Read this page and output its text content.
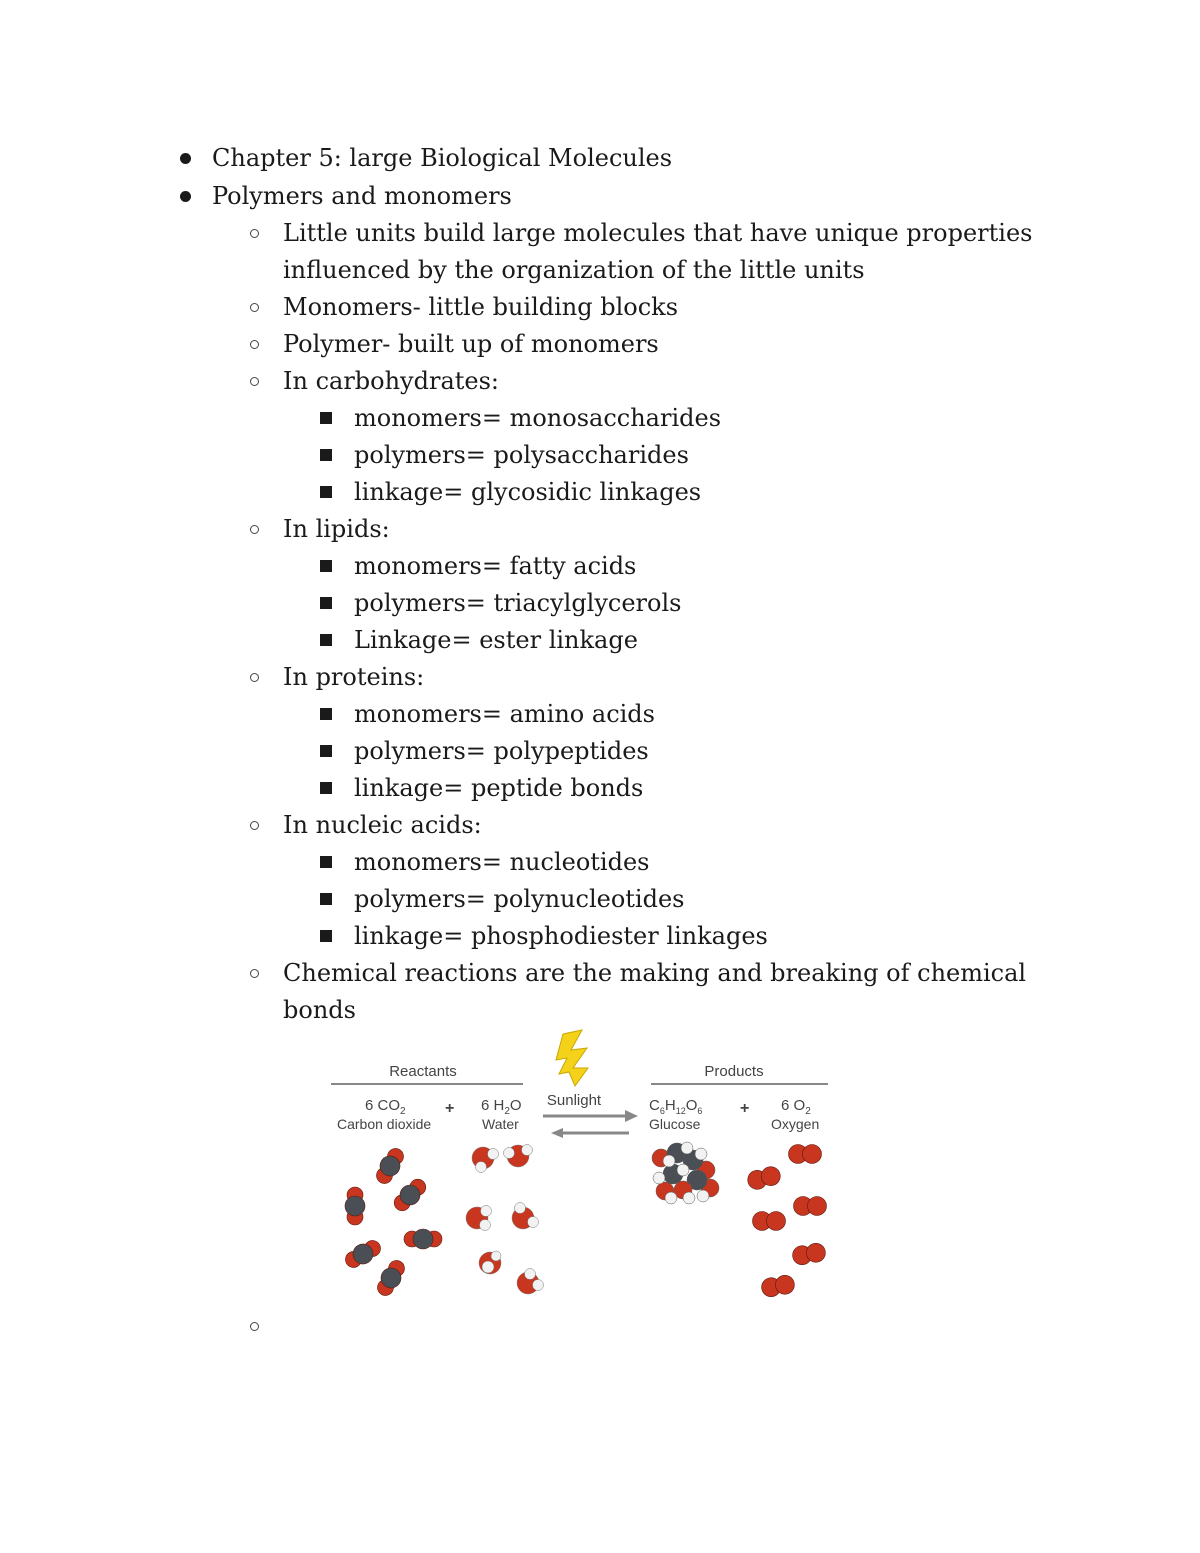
Chapter 5: large Biological Molecules
Polymers and monomers
Little units build large molecules that have unique properties
influenced by the organization of the little units
Monomers- little building blocks
Polymer- built up of monomers
In carbohydrates:
monomers= monosaccharides
polymers= polysaccharides
linkage= glycosidic linkages
In lipids:
monomers= fatty acids
polymers= triacylglycerols
Linkage= ester linkage
In proteins:
monomers= amino acids
polymers= polypeptides
linkage= peptide bonds
In nucleic acids:
monomers= nucleotides
polymers= polynucleotides
linkage= phosphodiester linkages
Chemical reactions are the making and breaking of chemical
bonds
Reactants	Products
Sunlight
6 $CO_2$
Carbon dioxide
+ 6 $H_2O$
Water
$C_6H_{12}O_6$
Glucose
+ 6 $O_2$
Oxygen
